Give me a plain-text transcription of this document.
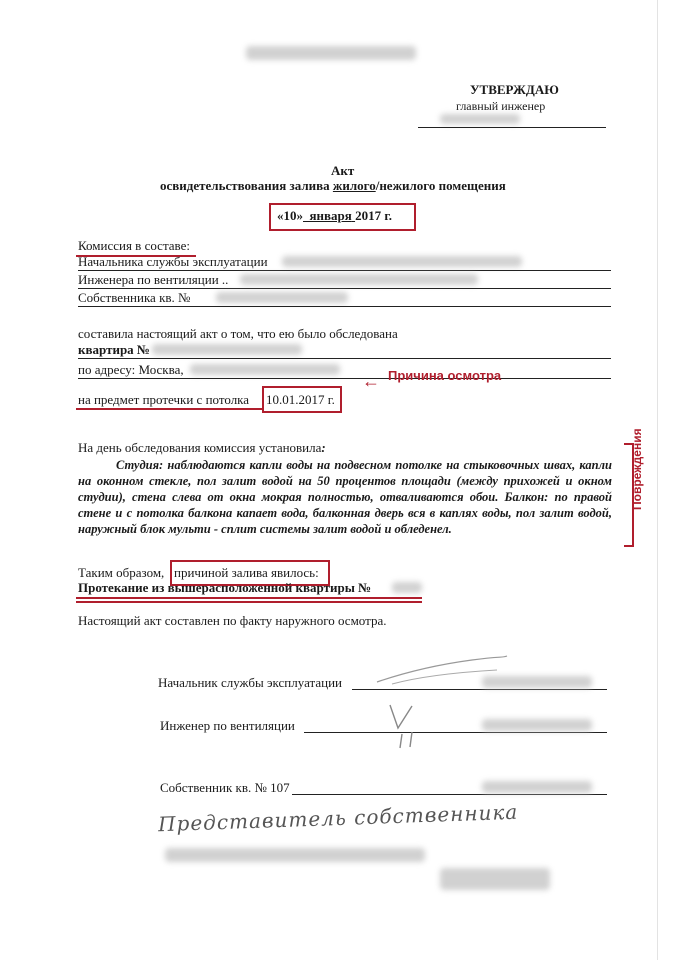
УТВЕРЖДАЮ
главный инженер
Акт
освидетельствования залива жилого/нежилого помещения
«10» января 2017 г.
Комиссия в составе:
Начальника службы эксплуатации
Инженера по вентиляции ..
Собственника кв. №
составила настоящий акт о том, что ею было обследована
квартира №
по адресу: Москва,
← Причина осмотра
на предмет протечки с потолка 10.01.2017 г.
На день обследования комиссия установила:
Студия: наблюдаются капли воды на подвесном потолке на стыковочных швах, капли на оконном стекле, пол залит водой на 50 процентов площади (между прихожей и окном студии), стена слева от окна мокрая полностью, отваливаются обои. Балкон: по правой стене и с потолка балкона капает вода, балконная дверь вся в каплях воды, пол залит водой, наружный блок мульти - сплит системы залит водой и обледенел.
Повреждения
Таким образом, причиной залива явилось:
Протекание из вышерасположенной квартиры №
Настоящий акт составлен по факту наружного осмотра.
Начальник службы эксплуатации
Инженер по вентиляции
Собственник кв. № 107
Представитель собственника
